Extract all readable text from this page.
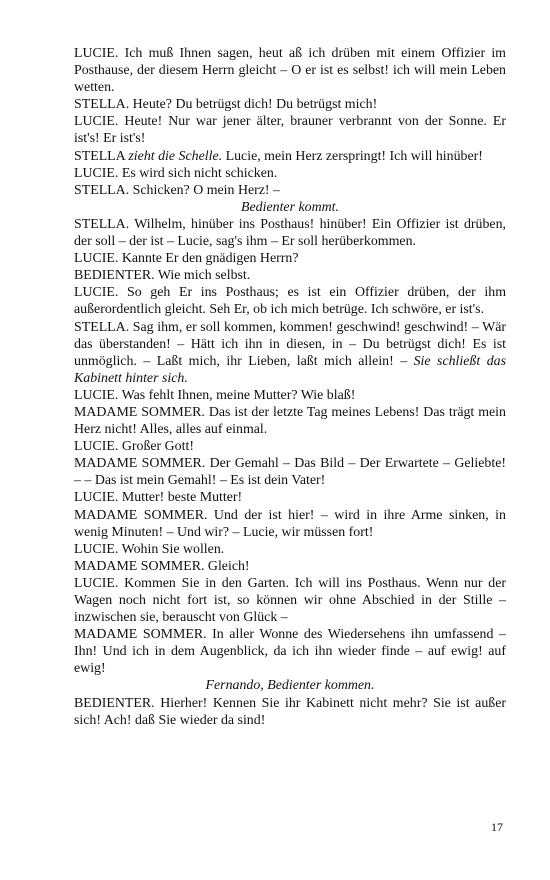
LUCIE. Ich muß Ihnen sagen, heut aß ich drüben mit einem Offizier im Posthause, der diesem Herrn gleicht – O er ist es selbst! ich will mein Leben wetten.

STELLA. Heute? Du betrügst dich! Du betrügst mich!

LUCIE. Heute! Nur war jener älter, brauner verbrannt von der Sonne. Er ist's! Er ist's!

STELLA zieht die Schelle. Lucie, mein Herz zerspringt! Ich will hinüber!

LUCIE. Es wird sich nicht schicken.

STELLA. Schicken? O mein Herz! –

Bedienter kommt.

STELLA. Wilhelm, hinüber ins Posthaus! hinüber! Ein Offizier ist drüben, der soll – der ist – Lucie, sag's ihm – Er soll herüberkommen.

LUCIE. Kannte Er den gnädigen Herrn?

BEDIENTER. Wie mich selbst.

LUCIE. So geh Er ins Posthaus; es ist ein Offizier drüben, der ihm außerordentlich gleicht. Seh Er, ob ich mich betrüge. Ich schwöre, er ist's.

STELLA. Sag ihm, er soll kommen, kommen! geschwind! geschwind! – Wär das überstanden! – Hätt ich ihn in diesen, in – Du betrügst dich! Es ist unmöglich. – Laßt mich, ihr Lieben, laßt mich allein! – Sie schließt das Kabinett hinter sich.

LUCIE. Was fehlt Ihnen, meine Mutter? Wie blaß!

MADAME SOMMER. Das ist der letzte Tag meines Lebens! Das trägt mein Herz nicht! Alles, alles auf einmal.

LUCIE. Großer Gott!

MADAME SOMMER. Der Gemahl – Das Bild – Der Erwartete – Geliebte! – – Das ist mein Gemahl! – Es ist dein Vater!

LUCIE. Mutter! beste Mutter!

MADAME SOMMER. Und der ist hier! – wird in ihre Arme sinken, in wenig Minuten! – Und wir? – Lucie, wir müssen fort!

LUCIE. Wohin Sie wollen.

MADAME SOMMER. Gleich!

LUCIE. Kommen Sie in den Garten. Ich will ins Posthaus. Wenn nur der Wagen noch nicht fort ist, so können wir ohne Abschied in der Stille – inzwischen sie, berauscht von Glück –

MADAME SOMMER. In aller Wonne des Wiedersehens ihn umfassend – Ihn! Und ich in dem Augenblick, da ich ihn wieder finde – auf ewig! auf ewig!

Fernando, Bedienter kommen.

BEDIENTER. Hierher! Kennen Sie ihr Kabinett nicht mehr? Sie ist außer sich! Ach! daß Sie wieder da sind!

17
